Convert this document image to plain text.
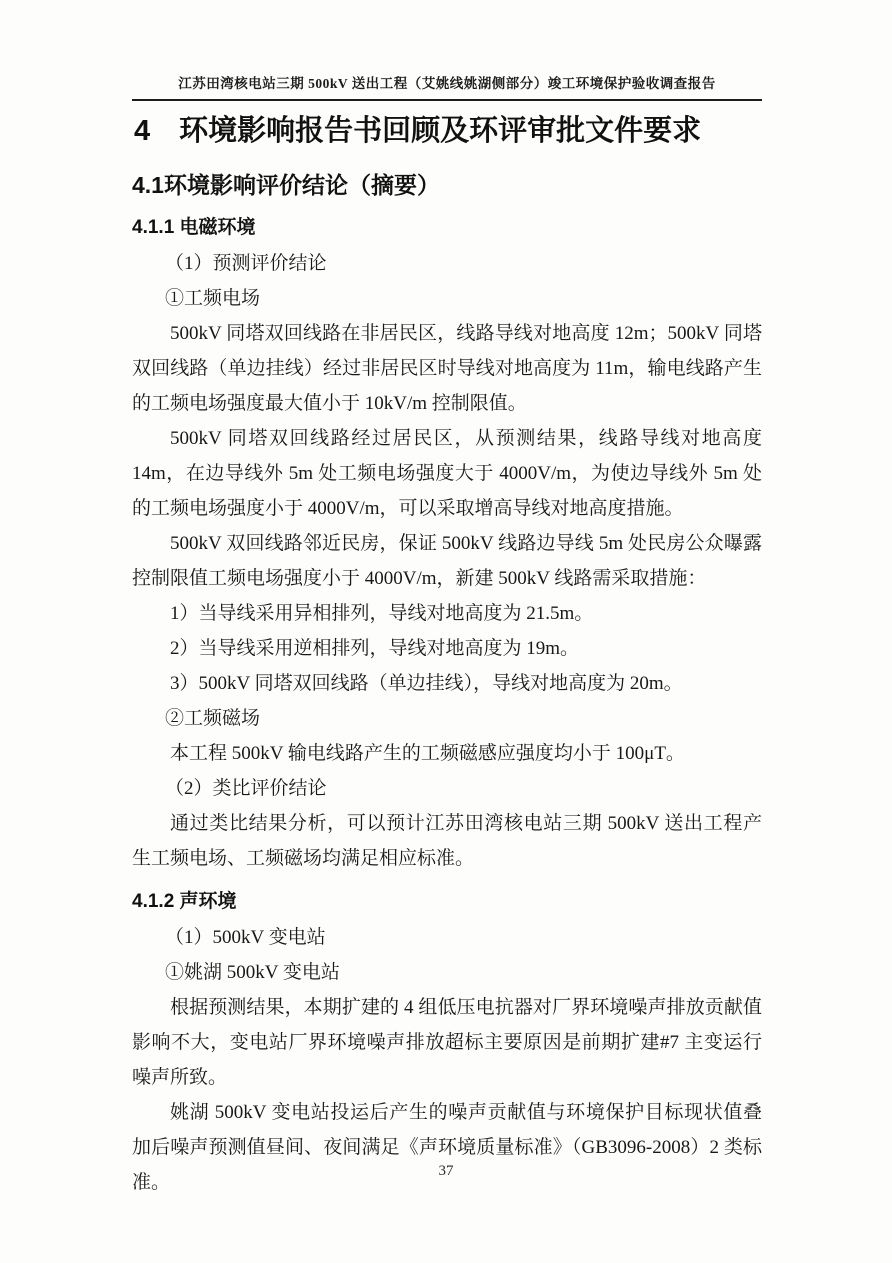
江苏田湾核电站三期 500kV 送出工程（艾姚线姚湖侧部分）竣工环境保护验收调查报告
4　环境影响报告书回顾及环评审批文件要求
4.1环境影响评价结论（摘要）
4.1.1 电磁环境

（1）预测评价结论

①工频电场

500kV 同塔双回线路在非居民区，线路导线对地高度 12m；500kV 同塔双回线路（单边挂线）经过非居民区时导线对地高度为 11m，输电线路产生的工频电场强度最大值小于 10kV/m 控制限值。

500kV 同塔双回线路经过居民区，从预测结果，线路导线对地高度 14m，在边导线外 5m 处工频电场强度大于 4000V/m，为使边导线外 5m 处的工频电场强度小于 4000V/m，可以采取增高导线对地高度措施。

500kV 双回线路邻近民房，保证 500kV 线路边导线 5m 处民房公众曝露控制限值工频电场强度小于 4000V/m，新建 500kV 线路需采取措施：

1）当导线采用异相排列，导线对地高度为 21.5m。

2）当导线采用逆相排列，导线对地高度为 19m。

3）500kV 同塔双回线路（单边挂线），导线对地高度为 20m。

②工频磁场

本工程 500kV 输电线路产生的工频磁感应强度均小于 100μT。

（2）类比评价结论

通过类比结果分析，可以预计江苏田湾核电站三期 500kV 送出工程产生工频电场、工频磁场均满足相应标准。

4.1.2 声环境

（1）500kV 变电站

①姚湖 500kV 变电站

根据预测结果，本期扩建的 4 组低压电抗器对厂界环境噪声排放贡献值影响不大，变电站厂界环境噪声排放超标主要原因是前期扩建#7 主变运行噪声所致。

姚湖 500kV 变电站投运后产生的噪声贡献值与环境保护目标现状值叠加后噪声预测值昼间、夜间满足《声环境质量标准》（GB3096-2008）2 类标准。

37
